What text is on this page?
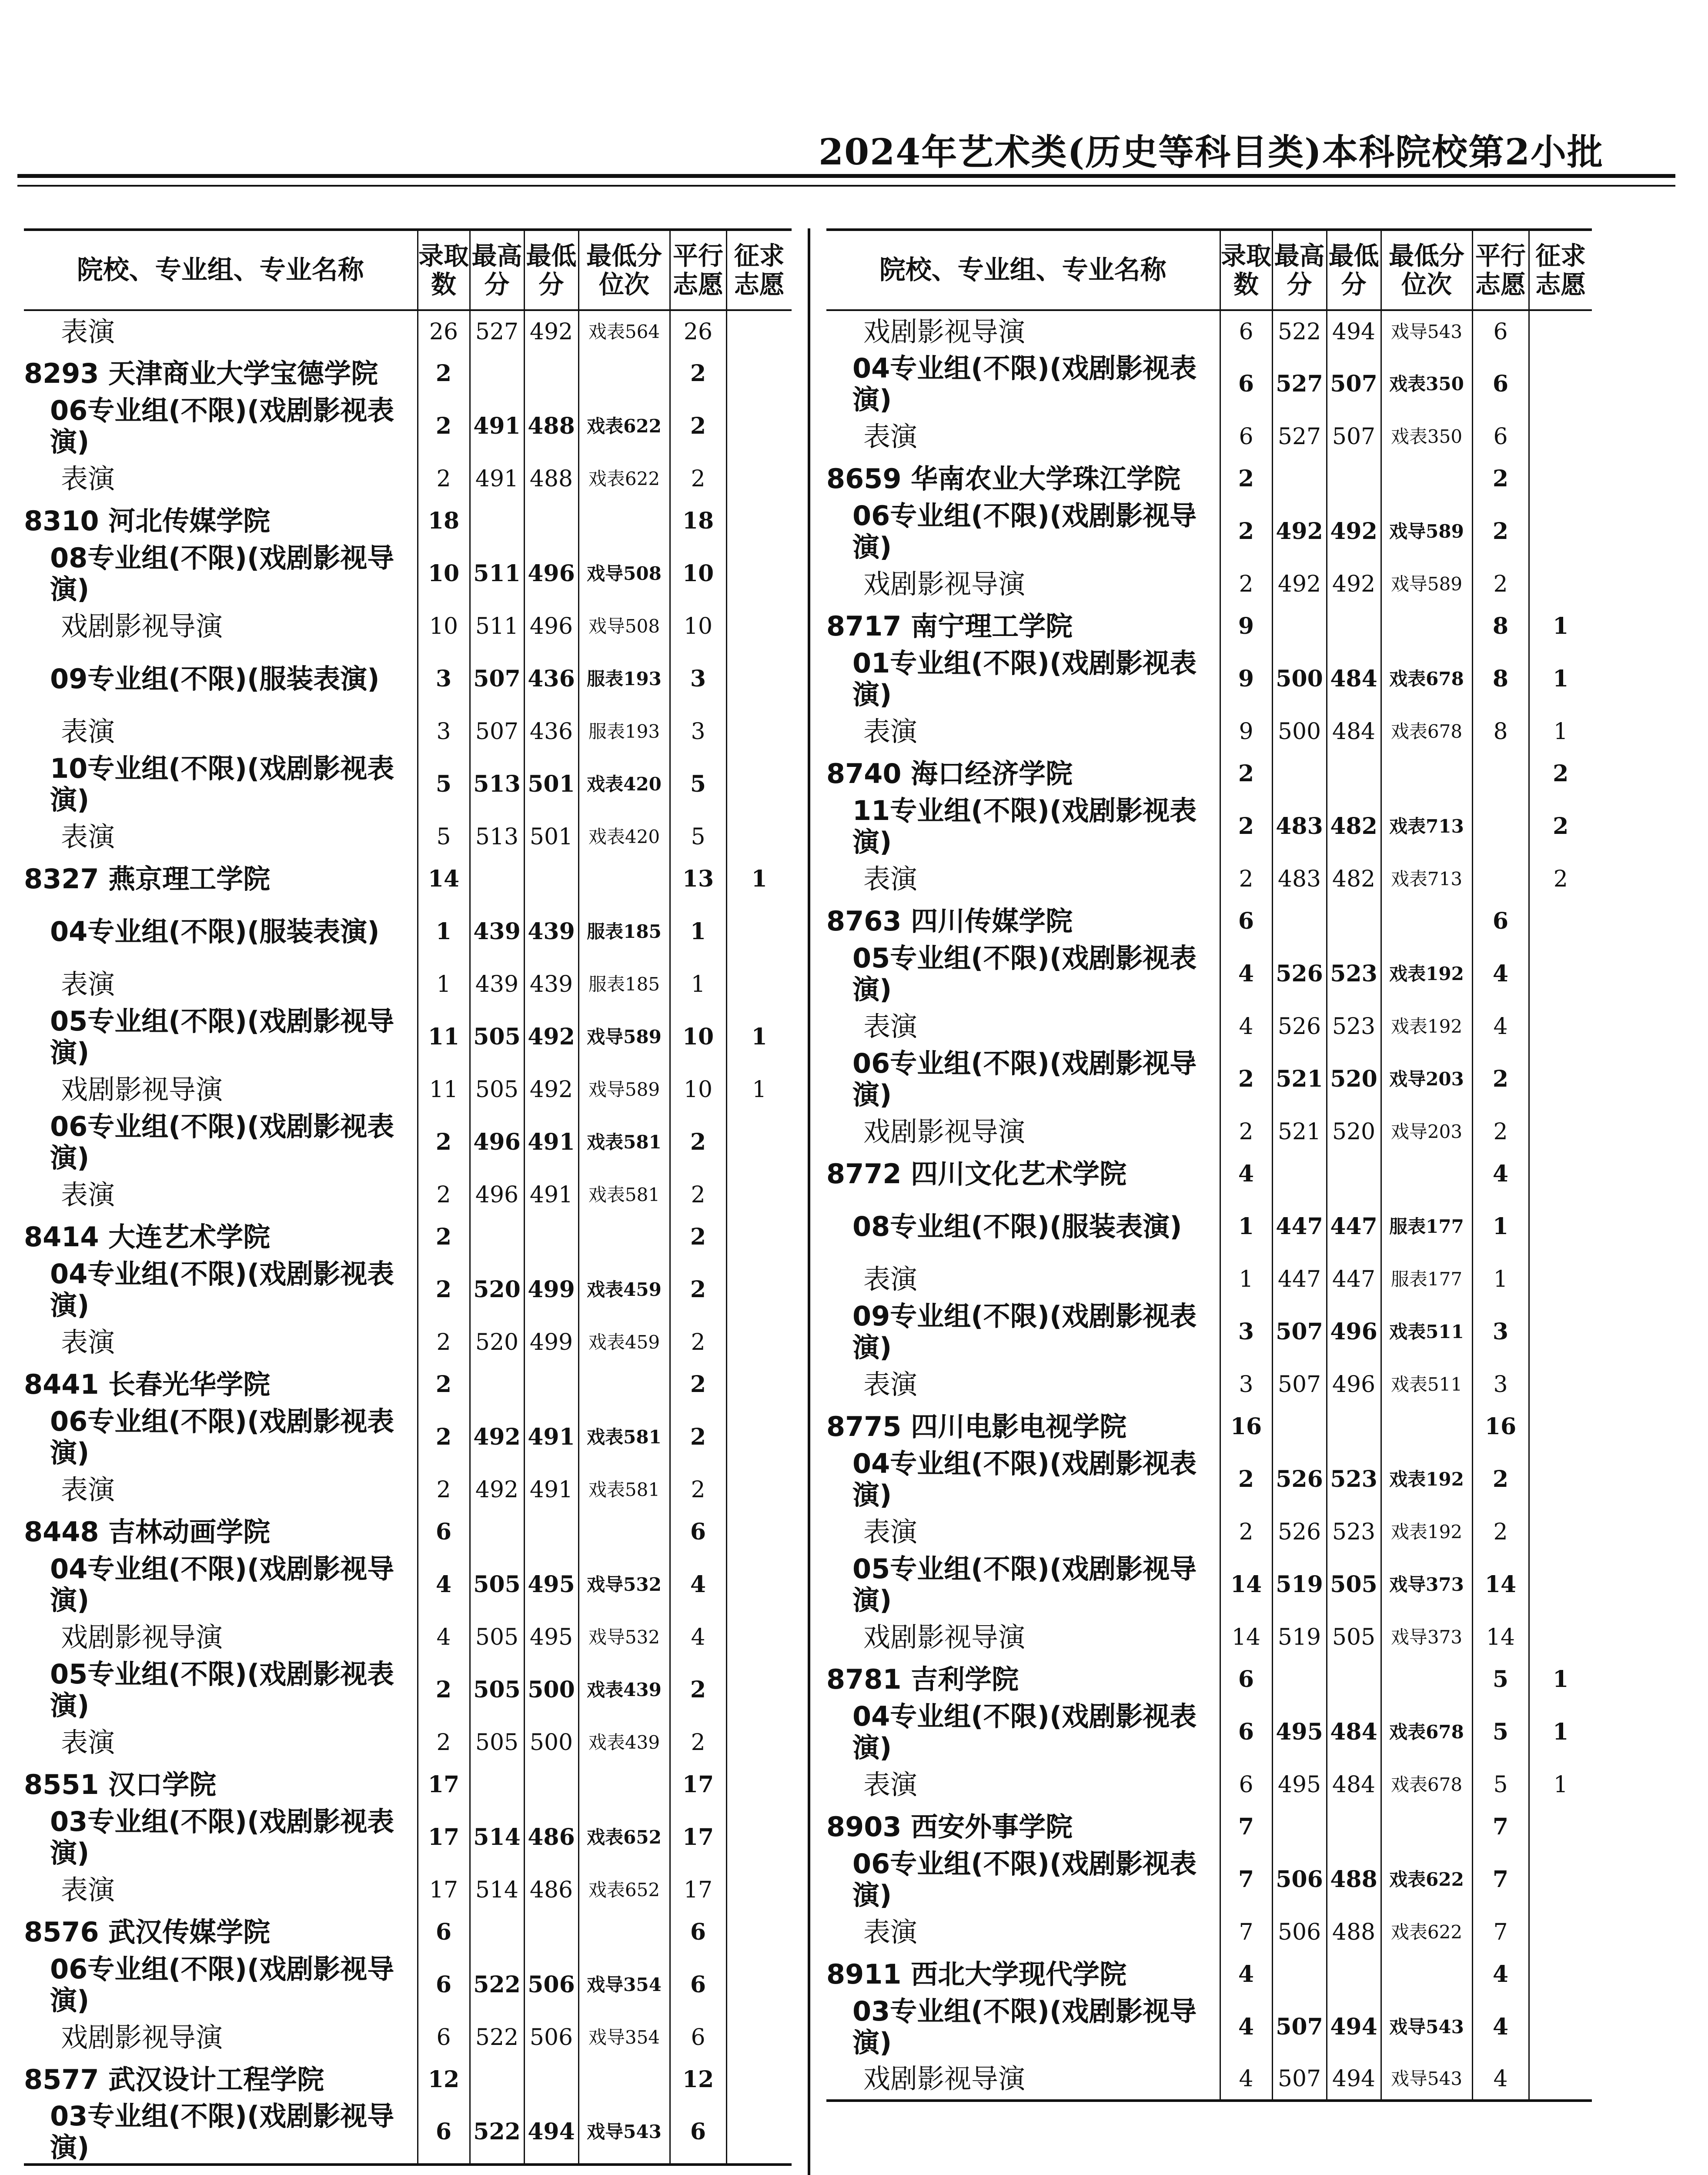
2024年艺术类(历史等科目类)本科院校第2小批
院校、专业组、专业名称	录取数	最高分	最低分	最低分位次	平行志愿	征求志愿
表演	26	527	492	戏表564	26	
8293 天津商业大学宝德学院	2				2	
06专业组(不限)(戏剧影视表演)	2	491	488	戏表622	2	
表演	2	491	488	戏表622	2	
8310 河北传媒学院	18				18	
08专业组(不限)(戏剧影视导演)	10	511	496	戏导508	10	
戏剧影视导演	10	511	496	戏导508	10	
09专业组(不限)(服装表演)	3	507	436	服表193	3	
表演	3	507	436	服表193	3	
10专业组(不限)(戏剧影视表演)	5	513	501	戏表420	5	
表演	5	513	501	戏表420	5	
8327 燕京理工学院	14				13	1
04专业组(不限)(服装表演)	1	439	439	服表185	1	
表演	1	439	439	服表185	1	
05专业组(不限)(戏剧影视导演)	11	505	492	戏导589	10	1
戏剧影视导演	11	505	492	戏导589	10	1
06专业组(不限)(戏剧影视表演)	2	496	491	戏表581	2	
表演	2	496	491	戏表581	2	
8414 大连艺术学院	2				2	
04专业组(不限)(戏剧影视表演)	2	520	499	戏表459	2	
表演	2	520	499	戏表459	2	
8441 长春光华学院	2				2	
06专业组(不限)(戏剧影视表演)	2	492	491	戏表581	2	
表演	2	492	491	戏表581	2	
8448 吉林动画学院	6				6	
04专业组(不限)(戏剧影视导演)	4	505	495	戏导532	4	
戏剧影视导演	4	505	495	戏导532	4	
05专业组(不限)(戏剧影视表演)	2	505	500	戏表439	2	
表演	2	505	500	戏表439	2	
8551 汉口学院	17				17	
03专业组(不限)(戏剧影视表演)	17	514	486	戏表652	17	
表演	17	514	486	戏表652	17	
8576 武汉传媒学院	6				6	
06专业组(不限)(戏剧影视导演)	6	522	506	戏导354	6	
戏剧影视导演	6	522	506	戏导354	6	
8577 武汉设计工程学院	12				12	
03专业组(不限)(戏剧影视导演)	6	522	494	戏导543	6	
院校、专业组、专业名称	录取数	最高分	最低分	最低分位次	平行志愿	征求志愿
戏剧影视导演	6	522	494	戏导543	6	
04专业组(不限)(戏剧影视表演)	6	527	507	戏表350	6	
表演	6	527	507	戏表350	6	
8659 华南农业大学珠江学院	2				2	
06专业组(不限)(戏剧影视导演)	2	492	492	戏导589	2	
戏剧影视导演	2	492	492	戏导589	2	
8717 南宁理工学院	9				8	1
01专业组(不限)(戏剧影视表演)	9	500	484	戏表678	8	1
表演	9	500	484	戏表678	8	1
8740 海口经济学院	2					2
11专业组(不限)(戏剧影视表演)	2	483	482	戏表713		2
表演	2	483	482	戏表713		2
8763 四川传媒学院	6				6	
05专业组(不限)(戏剧影视表演)	4	526	523	戏表192	4	
表演	4	526	523	戏表192	4	
06专业组(不限)(戏剧影视导演)	2	521	520	戏导203	2	
戏剧影视导演	2	521	520	戏导203	2	
8772 四川文化艺术学院	4				4	
08专业组(不限)(服装表演)	1	447	447	服表177	1	
表演	1	447	447	服表177	1	
09专业组(不限)(戏剧影视表演)	3	507	496	戏表511	3	
表演	3	507	496	戏表511	3	
8775 四川电影电视学院	16				16	
04专业组(不限)(戏剧影视表演)	2	526	523	戏表192	2	
表演	2	526	523	戏表192	2	
05专业组(不限)(戏剧影视导演)	14	519	505	戏导373	14	
戏剧影视导演	14	519	505	戏导373	14	
8781 吉利学院	6				5	1
04专业组(不限)(戏剧影视表演)	6	495	484	戏表678	5	1
表演	6	495	484	戏表678	5	1
8903 西安外事学院	7				7	
06专业组(不限)(戏剧影视表演)	7	506	488	戏表622	7	
表演	7	506	488	戏表622	7	
8911 西北大学现代学院	4				4	
03专业组(不限)(戏剧影视导演)	4	507	494	戏导543	4	
戏剧影视导演	4	507	494	戏导543	4	
